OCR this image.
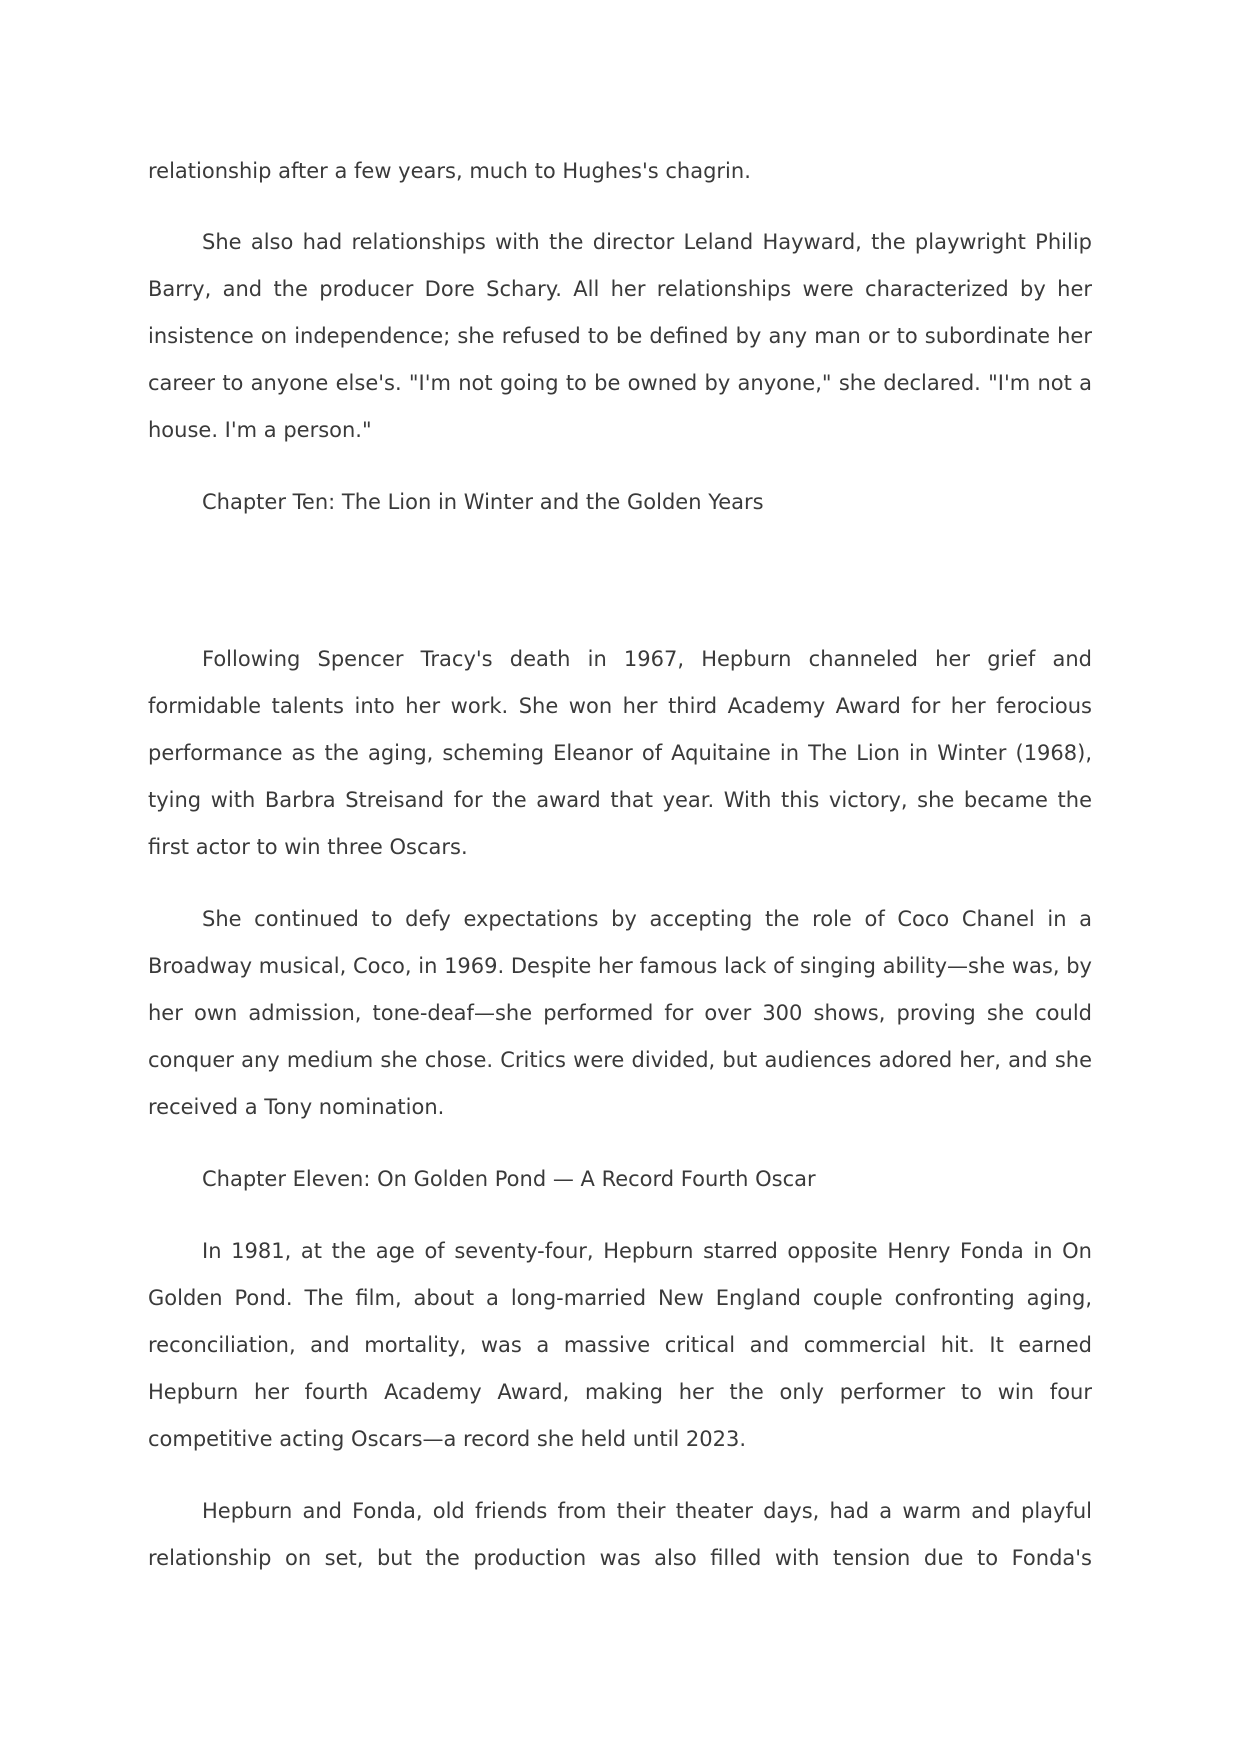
relationship after a few years, much to Hughes's chagrin.
She also had relationships with the director Leland Hayward, the playwright Philip Barry, and the producer Dore Schary. All her relationships were characterized by her insistence on independence; she refused to be defined by any man or to subordinate her career to anyone else's. "I'm not going to be owned by anyone," she declared. "I'm not a house. I'm a person."
Chapter Ten: The Lion in Winter and the Golden Years
Following Spencer Tracy's death in 1967, Hepburn channeled her grief and formidable talents into her work. She won her third Academy Award for her ferocious performance as the aging, scheming Eleanor of Aquitaine in The Lion in Winter (1968), tying with Barbra Streisand for the award that year. With this victory, she became the first actor to win three Oscars.
She continued to defy expectations by accepting the role of Coco Chanel in a Broadway musical, Coco, in 1969. Despite her famous lack of singing ability—she was, by her own admission, tone-deaf—she performed for over 300 shows, proving she could conquer any medium she chose. Critics were divided, but audiences adored her, and she received a Tony nomination.
Chapter Eleven: On Golden Pond — A Record Fourth Oscar
In 1981, at the age of seventy-four, Hepburn starred opposite Henry Fonda in On Golden Pond. The film, about a long-married New England couple confronting aging, reconciliation, and mortality, was a massive critical and commercial hit. It earned Hepburn her fourth Academy Award, making her the only performer to win four competitive acting Oscars—a record she held until 2023.
Hepburn and Fonda, old friends from their theater days, had a warm and playful relationship on set, but the production was also filled with tension due to Fonda's
